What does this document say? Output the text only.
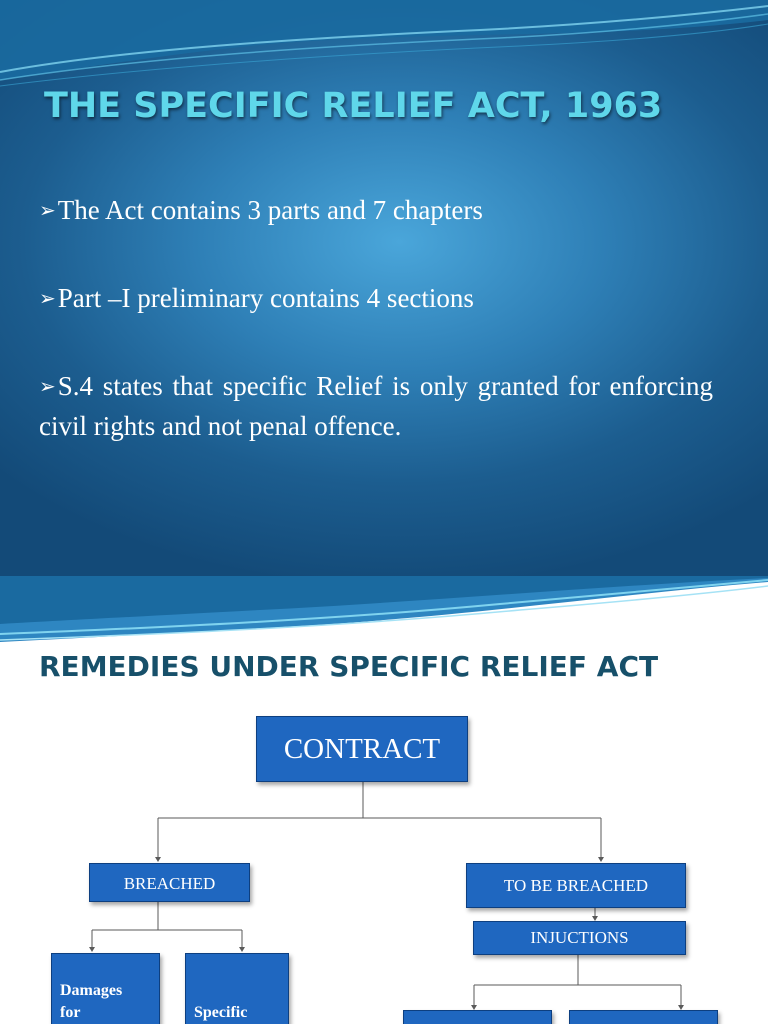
THE SPECIFIC RELIEF ACT, 1963
➢The Act contains 3 parts and 7 chapters
➢Part –I preliminary contains 4 sections
➢S.4 states that specific Relief is only granted for enforcing civil rights and not penal offence.
REMEDIES UNDER SPECIFIC RELIEF ACT
CONTRACT
BREACHED	TO BE BREACHED
INJUCTIONS
Damages
for	Specific
